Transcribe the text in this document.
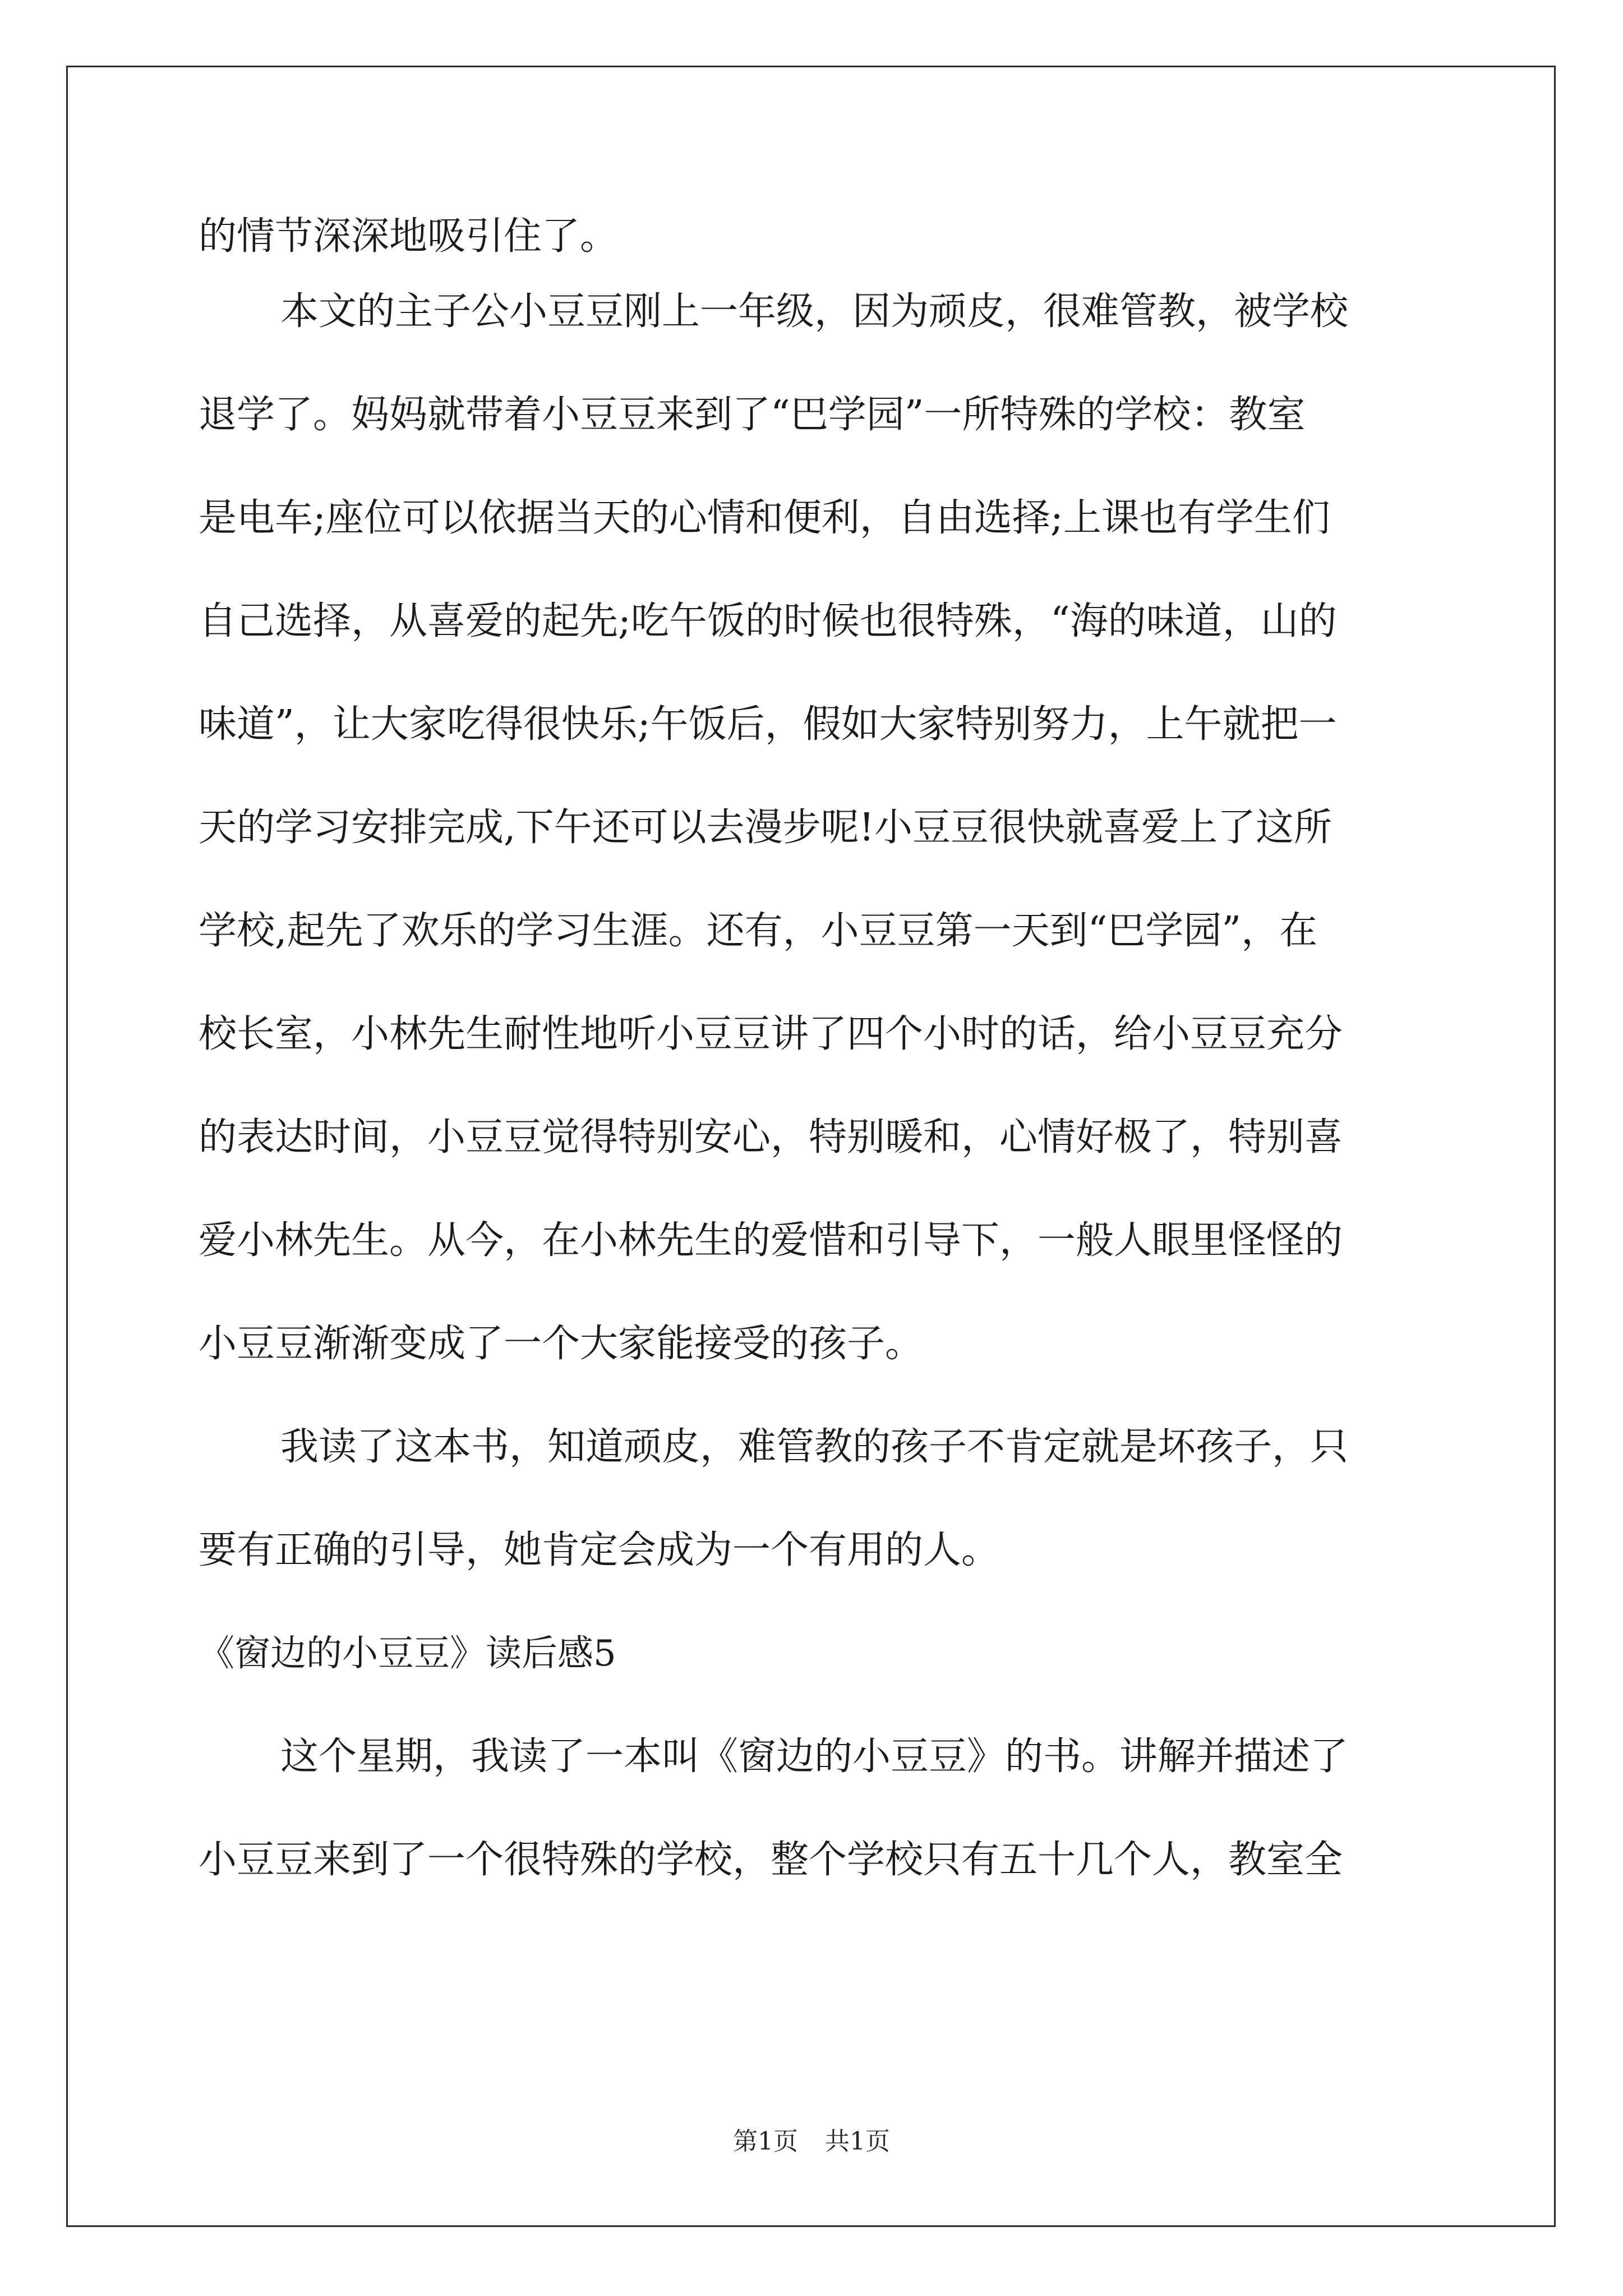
的情节深深地吸引住了。
本文的主子公小豆豆刚上一年级，因为顽皮，很难管教，被学校
退学了。妈妈就带着小豆豆来到了“巴学园”一所特殊的学校：教室
是电车;座位可以依据当天的心情和便利，自由选择;上课也有学生们
自己选择，从喜爱的起先;吃午饭的时候也很特殊，“海的味道，山的
味道”，让大家吃得很快乐;午饭后，假如大家特别努力，上午就把一
天的学习安排完成,下午还可以去漫步呢!小豆豆很快就喜爱上了这所
学校,起先了欢乐的学习生涯。还有，小豆豆第一天到“巴学园”，在
校长室，小林先生耐性地听小豆豆讲了四个小时的话，给小豆豆充分
的表达时间，小豆豆觉得特别安心，特别暖和，心情好极了，特别喜
爱小林先生。从今，在小林先生的爱惜和引导下，一般人眼里怪怪的
小豆豆渐渐变成了一个大家能接受的孩子。
我读了这本书，知道顽皮，难管教的孩子不肯定就是坏孩子，只
要有正确的引导，她肯定会成为一个有用的人。
《窗边的小豆豆》读后感5
这个星期，我读了一本叫《窗边的小豆豆》的书。讲解并描述了
小豆豆来到了一个很特殊的学校，整个学校只有五十几个人，教室全
第1页 共1页
